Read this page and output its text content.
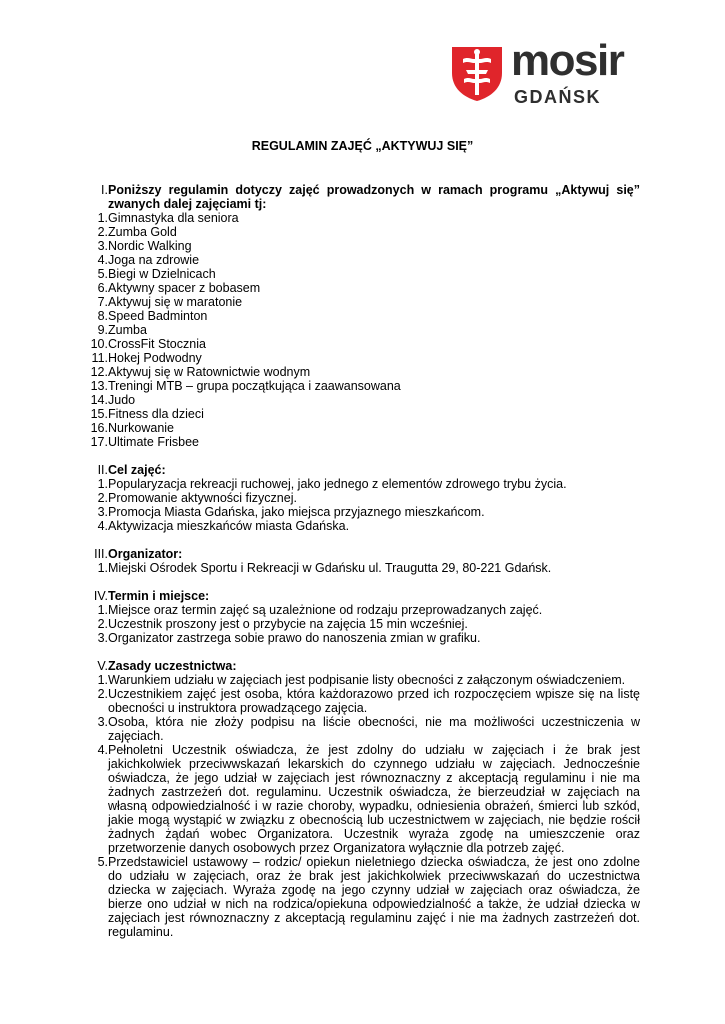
mosir
GDAŃSK
REGULAMIN ZAJĘĆ „AKTYWUJ SIĘ”
I. Poniższy regulamin dotyczy zajęć prowadzonych w ramach programu „Aktywuj się” zwanych dalej zajęciami tj:
1. Gimnastyka dla seniora
2. Zumba Gold
3. Nordic Walking
4. Joga na zdrowie
5. Biegi w Dzielnicach
6. Aktywny spacer z bobasem
7. Aktywuj się w maratonie
8. Speed Badminton
9. Zumba
10. CrossFit Stocznia
11. Hokej Podwodny
12. Aktywuj się w Ratownictwie wodnym
13. Treningi MTB – grupa początkująca i zaawansowana
14. Judo
15. Fitness dla dzieci
16. Nurkowanie
17. Ultimate Frisbee
II. Cel zajęć:
1. Popularyzacja rekreacji ruchowej, jako jednego z elementów zdrowego trybu życia.
2. Promowanie aktywności fizycznej.
3. Promocja Miasta Gdańska, jako miejsca przyjaznego mieszkańcom.
4. Aktywizacja mieszkańców miasta Gdańska.
III. Organizator:
1. Miejski Ośrodek Sportu i Rekreacji w Gdańsku ul. Traugutta 29, 80-221 Gdańsk.
IV. Termin i miejsce:
1. Miejsce oraz termin zajęć są uzależnione od rodzaju przeprowadzanych zajęć.
2. Uczestnik proszony jest o przybycie na zajęcia 15 min wcześniej.
3. Organizator zastrzega sobie prawo do nanoszenia zmian w grafiku.
V. Zasady uczestnictwa:
1. Warunkiem udziału w zajęciach jest podpisanie listy obecności z załączonym oświadczeniem.
2. Uczestnikiem zajęć jest osoba, która każdorazowo przed ich rozpoczęciem wpisze się na listę obecności u instruktora prowadzącego zajęcia.
3. Osoba, która nie złoży podpisu na liście obecności, nie ma możliwości uczestniczenia w zajęciach.
4. Pełnoletni Uczestnik oświadcza, że jest zdolny do udziału w zajęciach i że brak jest jakichkolwiek przeciwwskazań lekarskich do czynnego udziału w zajęciach. Jednocześnie oświadcza, że jego udział w zajęciach jest równoznaczny z akceptacją regulaminu i nie ma żadnych zastrzeżeń dot. regulaminu. Uczestnik oświadcza, że bierzeudział w zajęciach na własną odpowiedzialność i w razie choroby, wypadku, odniesienia obrażeń, śmierci lub szkód, jakie mogą wystąpić w związku z obecnością lub uczestnictwem w zajęciach, nie będzie rościł żadnych żądań wobec Organizatora. Uczestnik wyraża zgodę na umieszczenie oraz przetworzenie danych osobowych przez Organizatora wyłącznie dla potrzeb zajęć.
5. Przedstawiciel ustawowy – rodzic/ opiekun nieletniego dziecka oświadcza, że jest ono zdolne do udziału w zajęciach, oraz że brak jest jakichkolwiek przeciwwskazań do uczestnictwa dziecka w zajęciach. Wyraża zgodę na jego czynny udział w zajęciach oraz oświadcza, że bierze ono udział w nich na rodzica/opiekuna odpowiedzialność a także, że udział dziecka w zajęciach jest równoznaczny z akceptacją regulaminu zajęć i nie ma żadnych zastrzeżeń dot. regulaminu.
